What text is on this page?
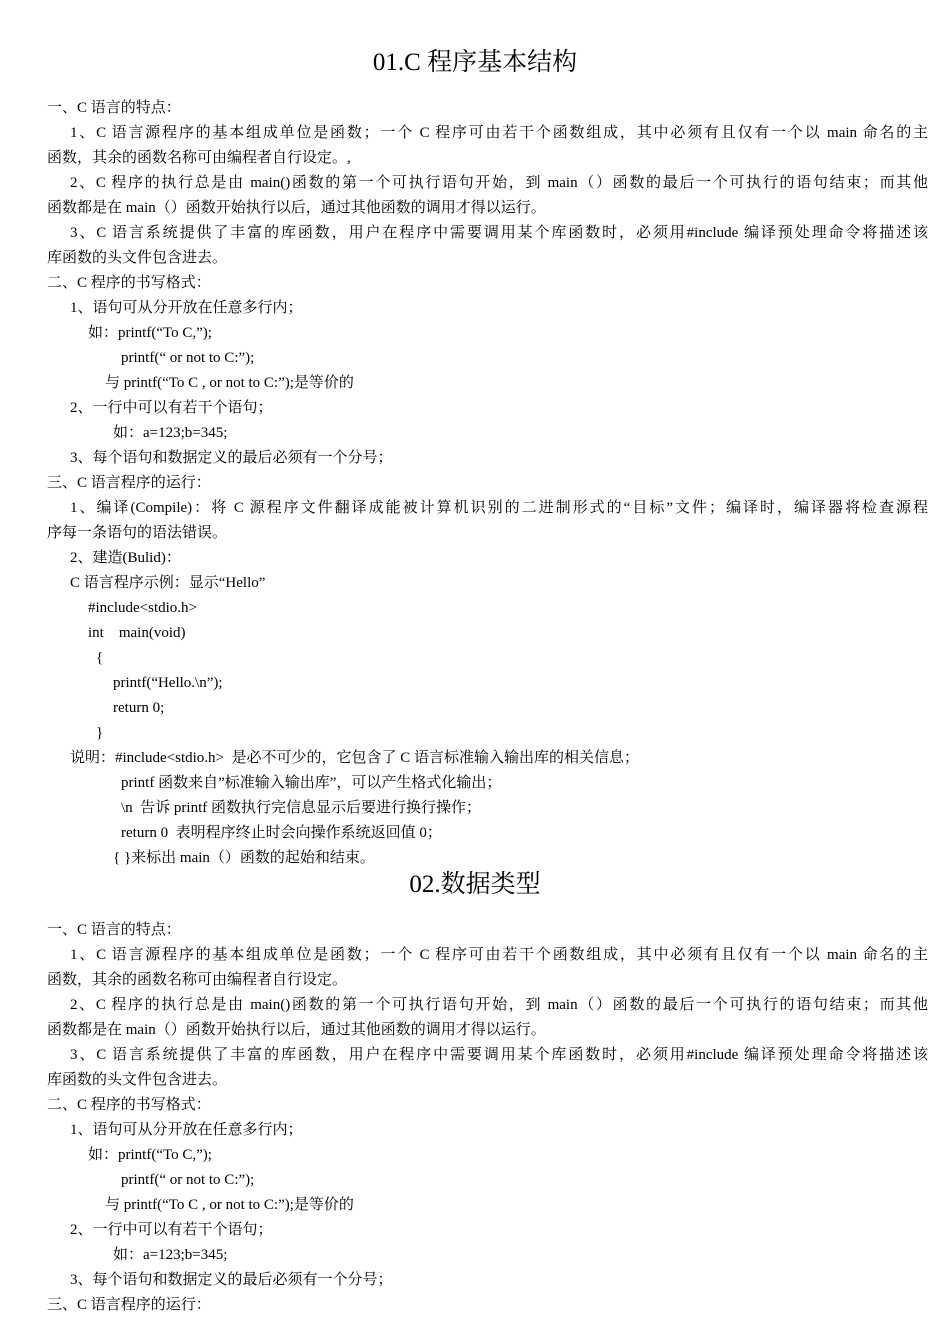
01.C 程序基本结构
一、C 语言的特点：
1、C 语言源程序的基本组成单位是函数；一个 C 程序可由若干个函数组成，其中必须有且仅有一个以 main 命名的主
函数，其余的函数名称可由编程者自行设定。,
2、C 程序的执行总是由 main()函数的第一个可执行语句开始，到 main（）函数的最后一个可执行的语句结束；而其他
函数都是在 main（）函数开始执行以后，通过其他函数的调用才得以运行。
3、C 语言系统提供了丰富的库函数，用户在程序中需要调用某个库函数时，必须用#include 编译预处理命令将描述该
库函数的头文件包含进去。
二、C 程序的书写格式：
1、语句可从分开放在任意多行内；
如：printf(“To C,”);
printf(“ or not to C:”);
与 printf(“To C , or not to C:”);是等价的
2、一行中可以有若干个语句；
如：a=123;b=345;
3、每个语句和数据定义的最后必须有一个分号；
三、C 语言程序的运行：
1、编译(Compile)：将 C 源程序文件翻译成能被计算机识别的二进制形式的“目标”文件；编译时，编译器将检查源程
序每一条语句的语法错误。
2、建造(Bulid)：
C 语言程序示例：显示“Hello”
#include<stdio.h>
int    main(void)
{
printf(“Hello.\n”);
return 0;
}
说明：#include<stdio.h>  是必不可少的，它包含了 C 语言标准输入输出库的相关信息；
printf 函数来自”标准输入输出库”，可以产生格式化输出；
\n  告诉 printf 函数执行完信息显示后要进行换行操作；
return 0  表明程序终止时会向操作系统返回值 0；
{ }来标出 main（）函数的起始和结束。
02.数据类型
一、C 语言的特点：
1、C 语言源程序的基本组成单位是函数；一个 C 程序可由若干个函数组成，其中必须有且仅有一个以 main 命名的主
函数，其余的函数名称可由编程者自行设定。
2、C 程序的执行总是由 main()函数的第一个可执行语句开始，到 main（）函数的最后一个可执行的语句结束；而其他
函数都是在 main（）函数开始执行以后，通过其他函数的调用才得以运行。
3、C 语言系统提供了丰富的库函数，用户在程序中需要调用某个库函数时，必须用#include 编译预处理命令将描述该
库函数的头文件包含进去。
二、C 程序的书写格式：
1、语句可从分开放在任意多行内；
如：printf(“To C,”);
printf(“ or not to C:”);
与 printf(“To C , or not to C:”);是等价的
2、一行中可以有若干个语句；
如：a=123;b=345;
3、每个语句和数据定义的最后必须有一个分号；
三、C 语言程序的运行：
